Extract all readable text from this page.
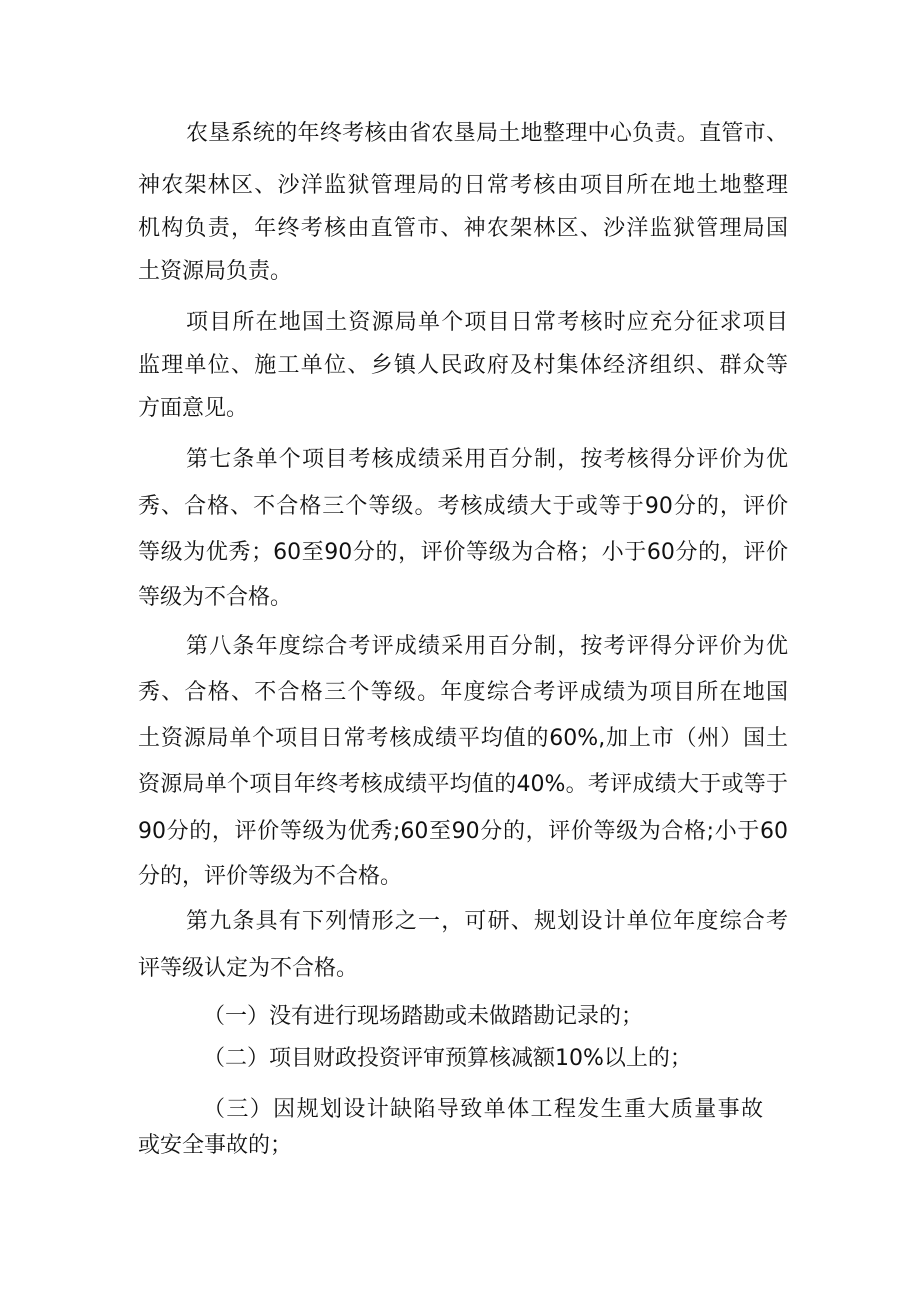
农垦系统的年终考核由省农垦局土地整理中心负责。直管市、
神农架林区、沙洋监狱管理局的日常考核由项目所在地土地整理
机构负责，年终考核由直管市、神农架林区、沙洋监狱管理局国
土资源局负责。
项目所在地国土资源局单个项目日常考核时应充分征求项目
监理单位、施工单位、乡镇人民政府及村集体经济组织、群众等
方面意见。
第七条单个项目考核成绩采用百分制，按考核得分评价为优
秀、合格、不合格三个等级。考核成绩大于或等于90分的，评价
等级为优秀；60至90分的，评价等级为合格；小于60分的，评价
等级为不合格。
第八条年度综合考评成绩采用百分制，按考评得分评价为优
秀、合格、不合格三个等级。年度综合考评成绩为项目所在地国
土资源局单个项目日常考核成绩平均值的60%,加上市（州）国土
资源局单个项目年终考核成绩平均值的40%。考评成绩大于或等于
90分的，评价等级为优秀;60至90分的，评价等级为合格;小于60
分的，评价等级为不合格。
第九条具有下列情形之一，可研、规划设计单位年度综合考
评等级认定为不合格。
（一）没有进行现场踏勘或未做踏勘记录的；
（二）项目财政投资评审预算核减额10%以上的；
（三）因规划设计缺陷导致单体工程发生重大质量事故
或安全事故的；
